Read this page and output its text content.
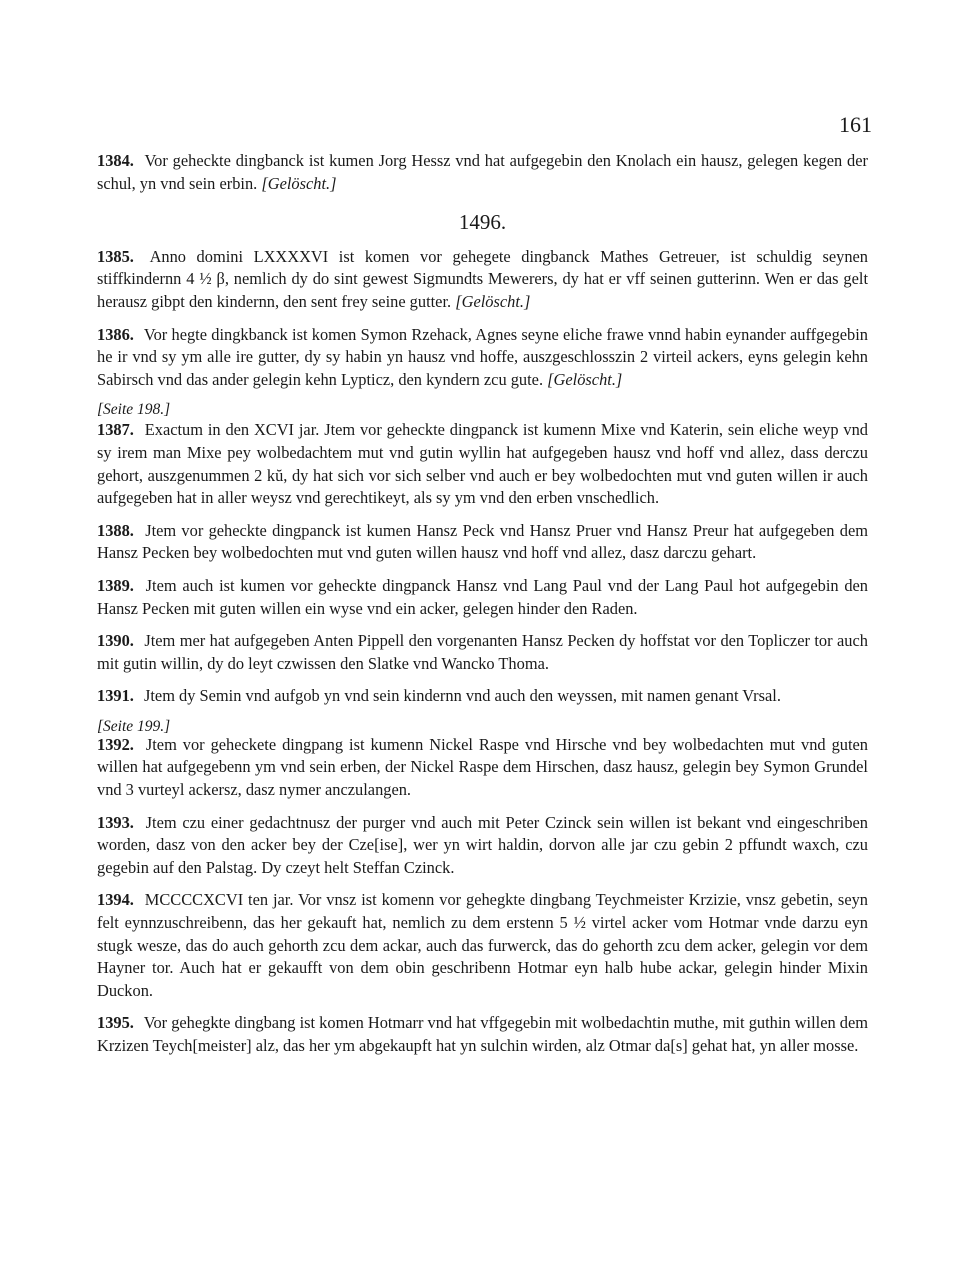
161

1384. Vor geheckte dingbanck ist kumen Jorg Hessz vnd hat aufgegebin den Knolach ein hausz, gelegen kegen der schul, yn vnd sein erbin. [Gelöscht.]

1496.

1385. Anno domini LXXXXVI ist komen vor gehegete dingbanck Mathes Getreuer, ist schuldig seynen stiffkindernn 4 ½ β, nemlich dy do sint gewest Sigmundts Mewerers, dy hat er vff seinen gutterinn. Wen er das gelt herausz gibpt den kindernn, den sent frey seine gutter. [Gelöscht.]

1386. Vor hegte dingkbanck ist komen Symon Rzehack, Agnes seyne eliche frawe vnnd habin eynander auffgegebin he ir vnd sy ym alle ire gutter, dy sy habin yn hausz vnd hoffe, auszgeschlosszin 2 virteil ackers, eyns gelegin kehn Sabirsch vnd das ander gelegin kehn Lypticz, den kyndern zcu gute. [Gelöscht.]

[Seite 198.]

1387. Exactum in den XCVI jar. Jtem vor geheckte dingpanck ist kumenn Mixe vnd Katerin, sein eliche weyp vnd sy irem man Mixe pey wolbedachtem mut vnd gutin wyllin hat aufgegeben hausz vnd hoff vnd allez, dass derczu gehort, auszgenummen 2 kŭ, dy hat sich vor sich selber vnd auch er bey wolbedochten mut vnd guten willen ir auch aufgegeben hat in aller weysz vnd gerechtikeyt, als sy ym vnd den erben vnschedlich.

1388. Jtem vor geheckte dingpanck ist kumen Hansz Peck vnd Hansz Pruer vnd Hansz Preur hat aufgegeben dem Hansz Pecken bey wolbedochten mut vnd guten willen hausz vnd hoff vnd allez, dasz darczu gehart.

1389. Jtem auch ist kumen vor geheckte dingpanck Hansz vnd Lang Paul vnd der Lang Paul hot aufgegebin den Hansz Pecken mit guten willen ein wyse vnd ein acker, gelegen hinder den Raden.

1390. Jtem mer hat aufgegeben Anten Pippell den vorgenanten Hansz Pecken dy hoffstat vor den Topliczer tor auch mit gutin willin, dy do leyt czwissen den Slatke vnd Wancko Thoma.

1391. Jtem dy Semin vnd aufgob yn vnd sein kindernn vnd auch den weyssen, mit namen genant Vrsal.

[Seite 199.]

1392. Jtem vor geheckete dingpang ist kumenn Nickel Raspe vnd Hirsche vnd bey wolbedachten mut vnd guten willen hat aufgegebenn ym vnd sein erben, der Nickel Raspe dem Hirschen, dasz hausz, gelegin bey Symon Grundel vnd 3 vurteyl ackersz, dasz nymer anczulangen.

1393. Jtem czu einer gedachtnusz der purger vnd auch mit Peter Czinck sein willen ist bekant vnd eingeschriben worden, dasz von den acker bey der Cze[ise], wer yn wirt haldin, dorvon alle jar czu gebin 2 pffundt waxch, czu gegebin auf den Palstag. Dy czeyt helt Steffan Czinck.

1394. MCCCCXCVI ten jar. Vor vnsz ist komenn vor gehegkte dingbang Teychmeister Krzizie, vnsz gebetin, seyn felt eynnzuschreibenn, das her gekauft hat, nemlich zu dem erstenn 5 ½ virtel acker vom Hotmar vnde darzu eyn stugk wesze, das do auch gehorth zcu dem ackar, auch das furwerck, das do gehorth zcu dem acker, gelegin vor dem Hayner tor. Auch hat er gekaufft von dem obin geschribenn Hotmar eyn halb hube ackar, gelegin hinder Mixin Duckon.

1395. Vor gehegkte dingbang ist komen Hotmarr vnd hat vffgegebin mit wolbedachtin muthe, mit guthin willen dem Krzizen Teych[meister] alz, das her ym abgekaupft hat yn sulchin wirden, alz Otmar da[s] gehat hat, yn aller mosse.
